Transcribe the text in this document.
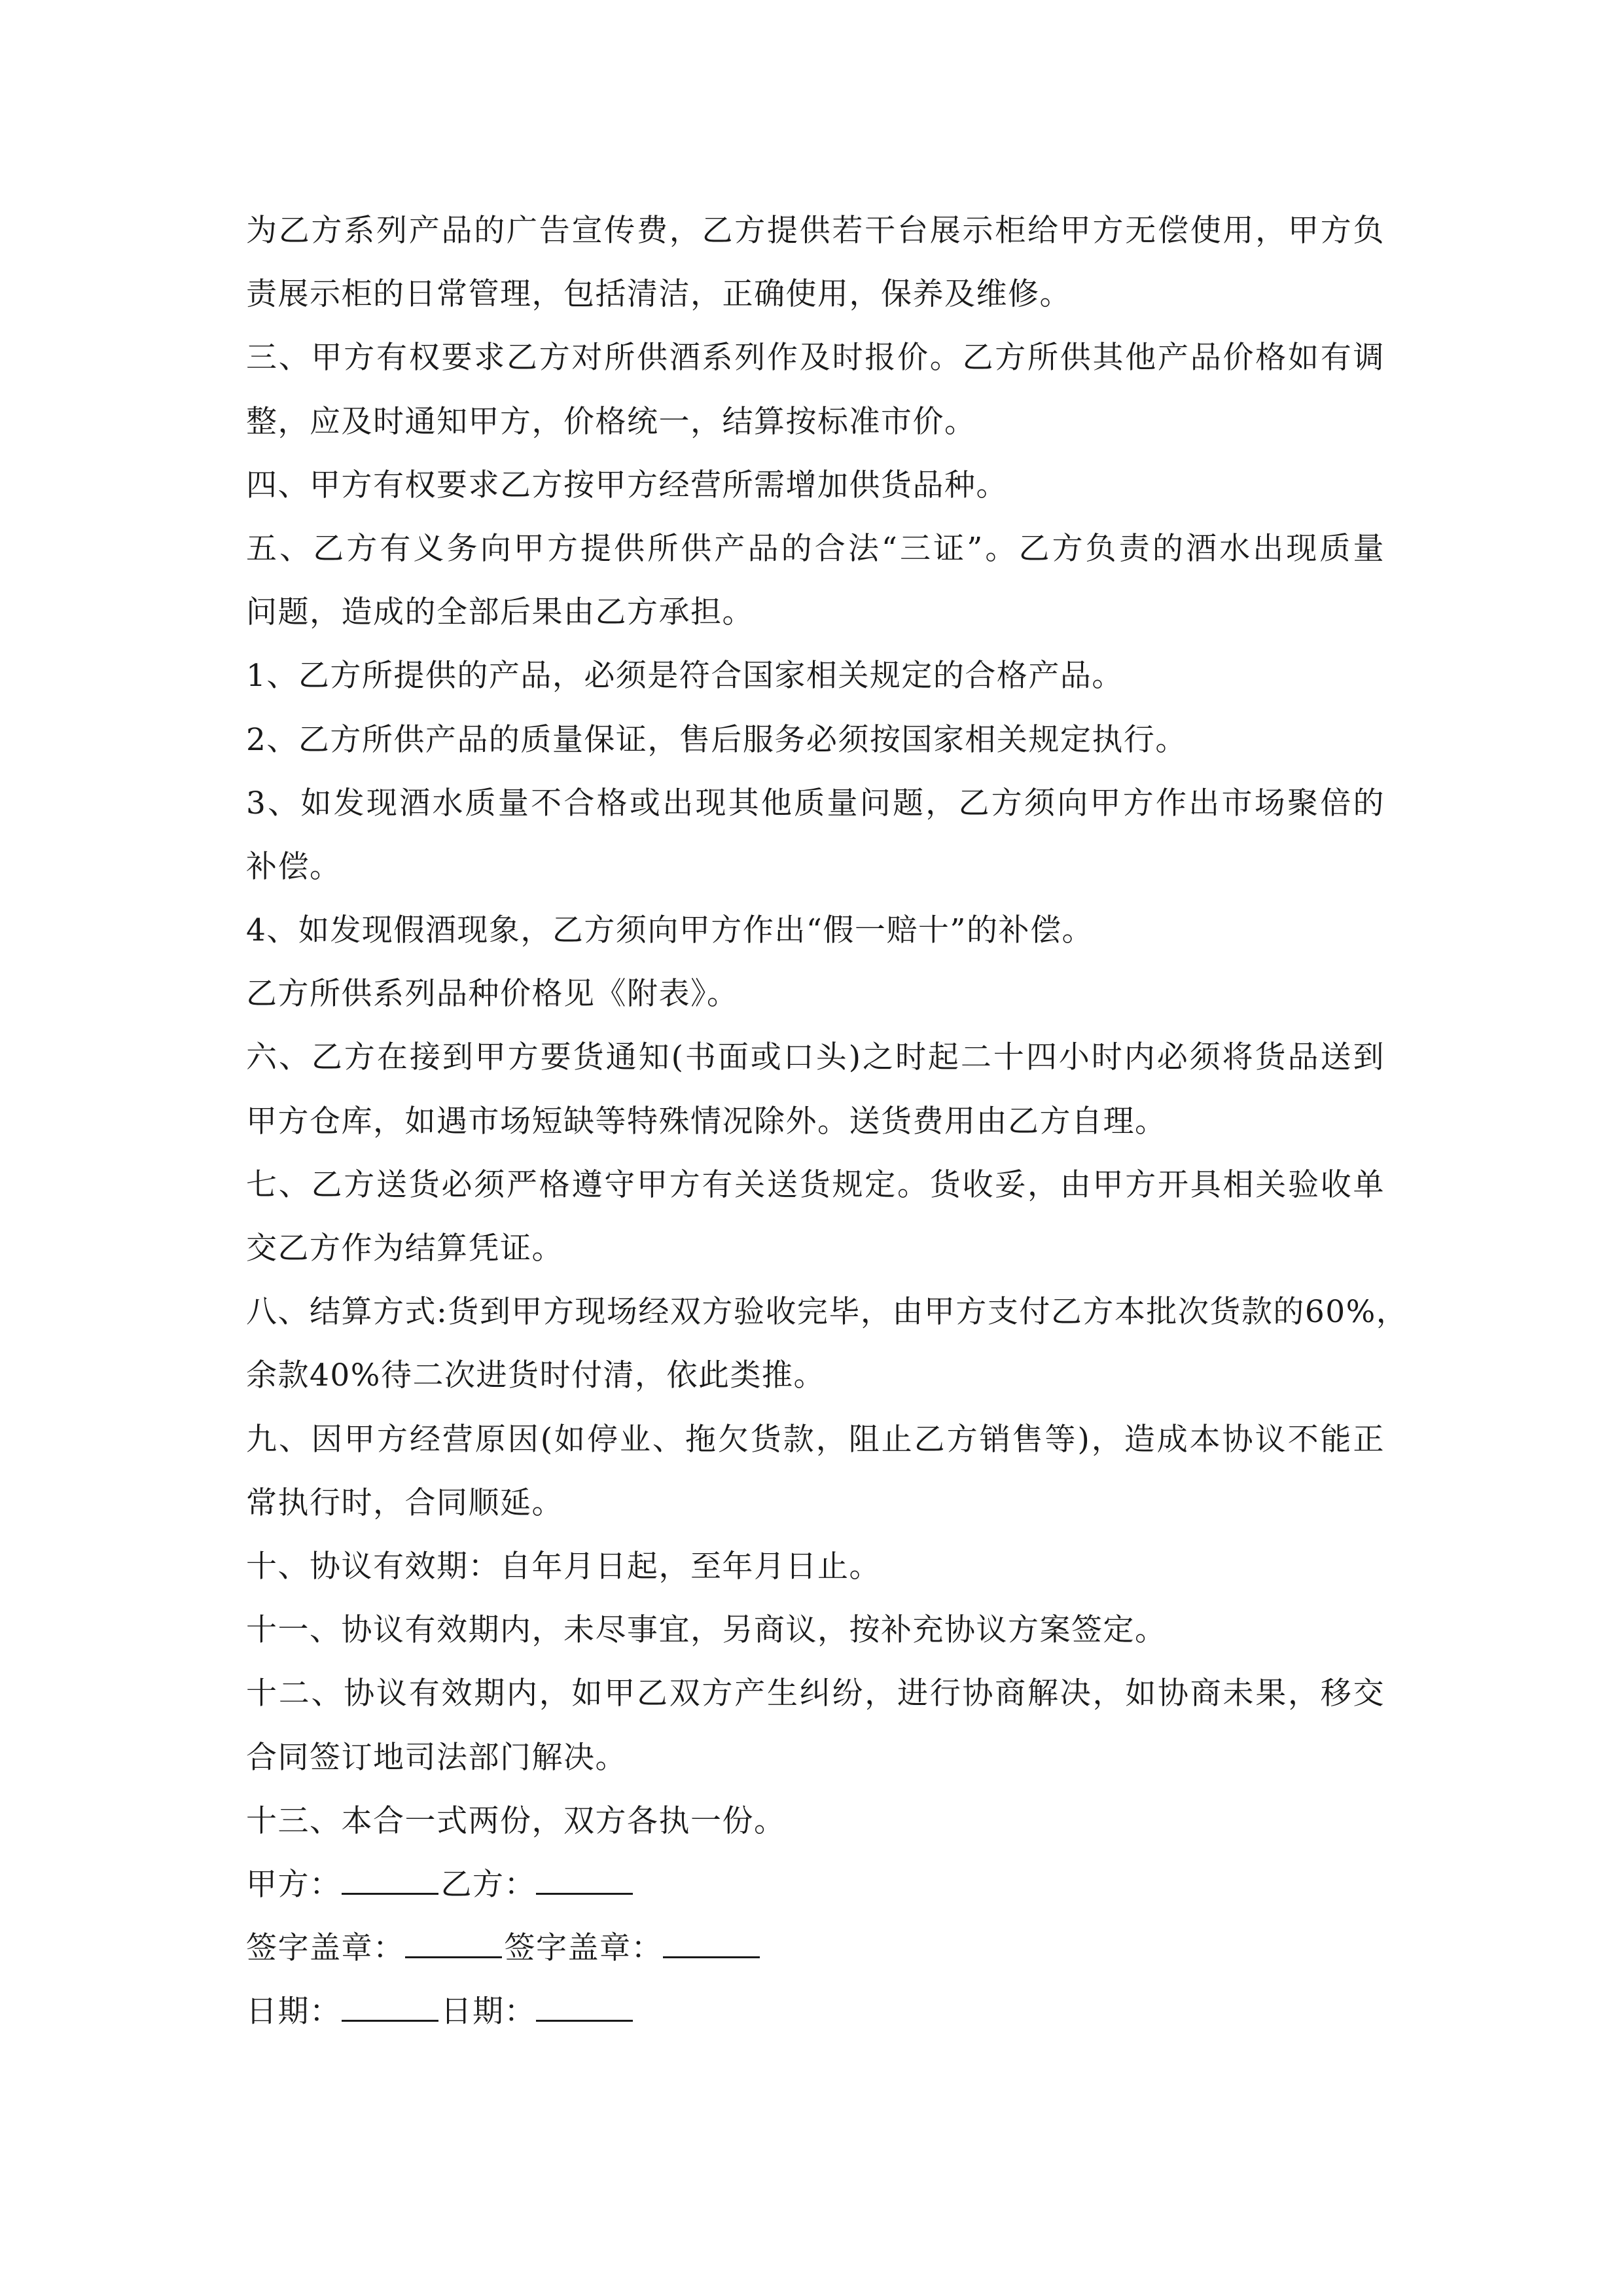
为乙方系列产品的广告宣传费，乙方提供若干台展示柜给甲方无偿使用，甲方负
责展示柜的日常管理，包括清洁，正确使用，保养及维修。
三、甲方有权要求乙方对所供酒系列作及时报价。乙方所供其他产品价格如有调
整，应及时通知甲方，价格统一，结算按标准市价。
四、甲方有权要求乙方按甲方经营所需增加供货品种。
五、乙方有义务向甲方提供所供产品的合法“三证”。乙方负责的酒水出现质量
问题，造成的全部后果由乙方承担。
1、乙方所提供的产品，必须是符合国家相关规定的合格产品。
2、乙方所供产品的质量保证，售后服务必须按国家相关规定执行。
3、如发现酒水质量不合格或出现其他质量问题，乙方须向甲方作出市场聚倍的
补偿。
4、如发现假酒现象，乙方须向甲方作出“假一赔十”的补偿。
乙方所供系列品种价格见《附表》。
六、乙方在接到甲方要货通知(书面或口头)之时起二十四小时内必须将货品送到
甲方仓库，如遇市场短缺等特殊情况除外。送货费用由乙方自理。
七、乙方送货必须严格遵守甲方有关送货规定。货收妥，由甲方开具相关验收单
交乙方作为结算凭证。
八、结算方式:货到甲方现场经双方验收完毕，由甲方支付乙方本批次货款的60%，
余款40%待二次进货时付清，依此类推。
九、因甲方经营原因(如停业、拖欠货款，阻止乙方销售等)，造成本协议不能正
常执行时，合同顺延。
十、协议有效期：自年月日起，至年月日止。
十一、协议有效期内，未尽事宜，另商议，按补充协议方案签定。
十二、协议有效期内，如甲乙双方产生纠纷，进行协商解决，如协商未果，移交
合同签订地司法部门解决。
十三、本合一式两份，双方各执一份。
甲方：	乙方：
签字盖章：	签字盖章：
日期：	日期：
